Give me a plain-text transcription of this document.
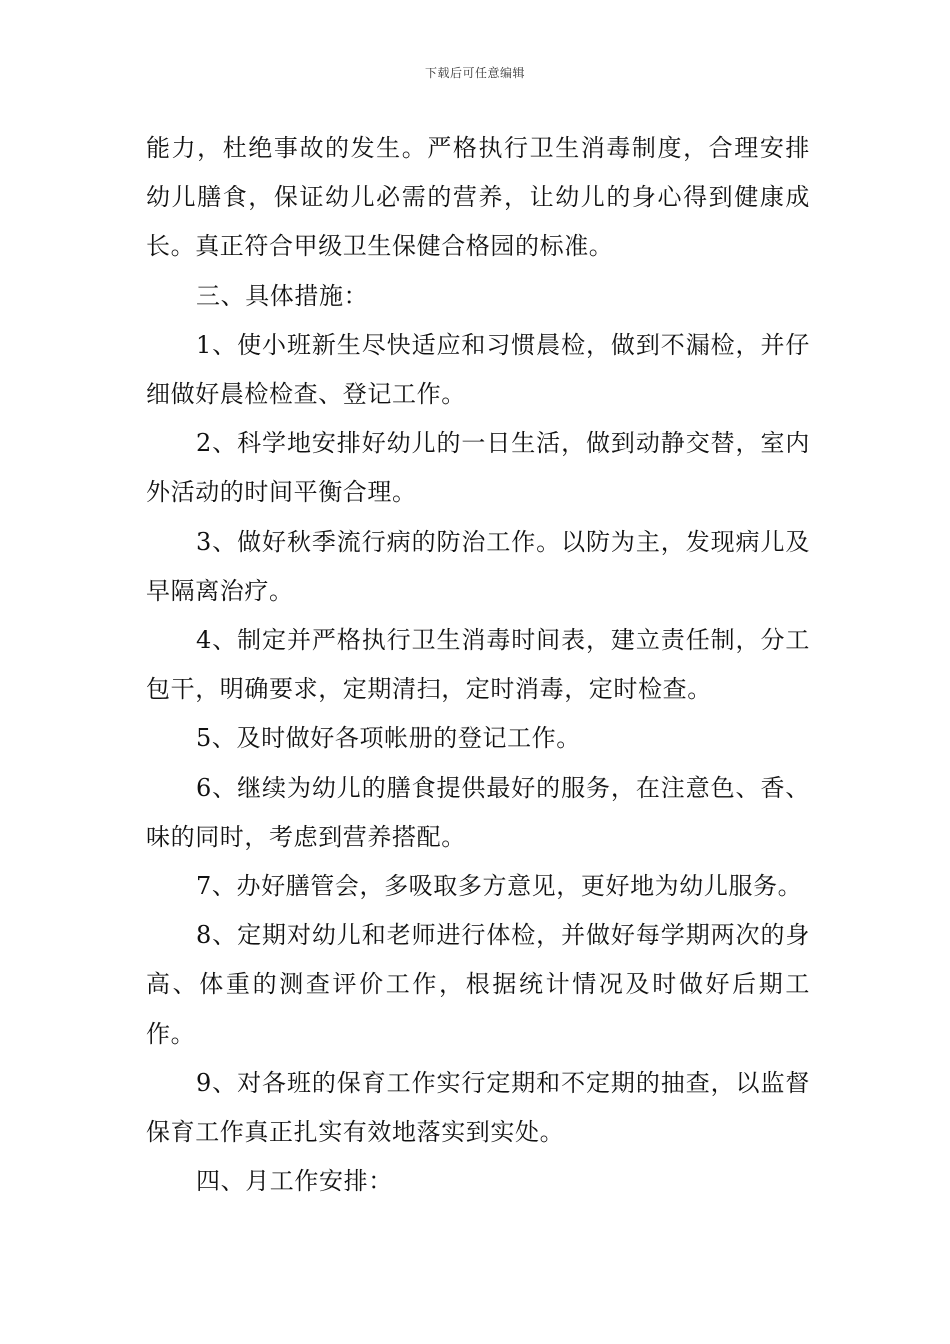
下载后可任意编辑

能力，杜绝事故的发生。严格执行卫生消毒制度，合理安排幼儿膳食，保证幼儿必需的营养，让幼儿的身心得到健康成长。真正符合甲级卫生保健合格园的标准。

三、具体措施：

1、使小班新生尽快适应和习惯晨检，做到不漏检，并仔细做好晨检检查、登记工作。

2、科学地安排好幼儿的一日生活，做到动静交替，室内外活动的时间平衡合理。

3、做好秋季流行病的防治工作。以防为主，发现病儿及早隔离治疗。

4、制定并严格执行卫生消毒时间表，建立责任制，分工包干，明确要求，定期清扫，定时消毒，定时检查。

5、及时做好各项帐册的登记工作。

6、继续为幼儿的膳食提供最好的服务，在注意色、香、味的同时，考虑到营养搭配。

7、办好膳管会，多吸取多方意见，更好地为幼儿服务。

8、定期对幼儿和老师进行体检，并做好每学期两次的身高、体重的测查评价工作，根据统计情况及时做好后期工作。

9、对各班的保育工作实行定期和不定期的抽查，以监督保育工作真正扎实有效地落实到实处。

四、月工作安排：
